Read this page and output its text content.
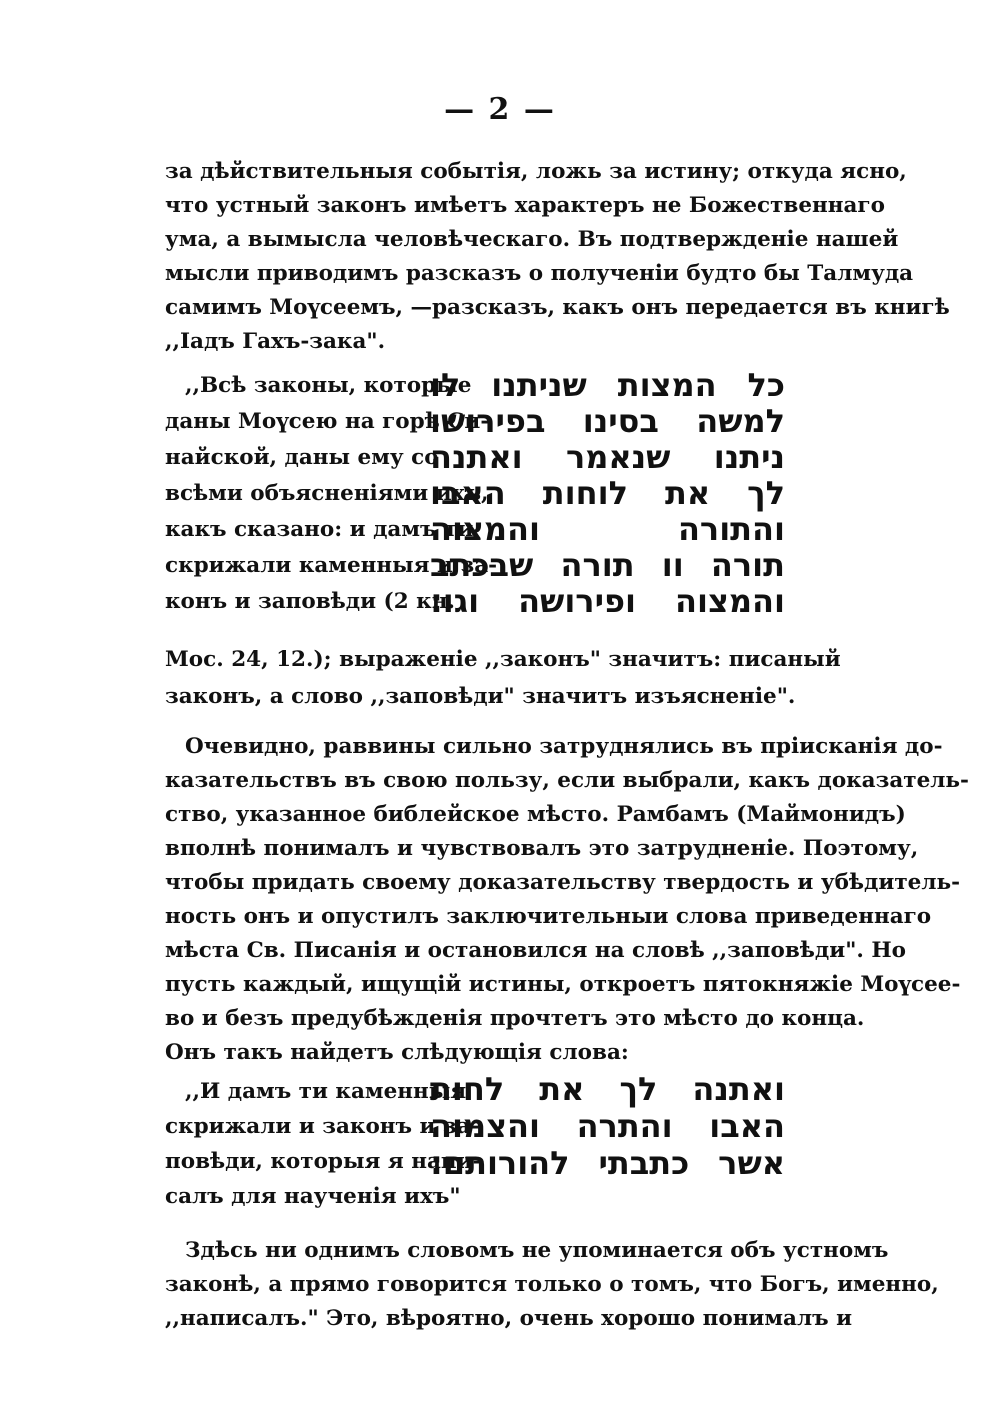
— 2 —
за дѣйствительныя событія, ложь за истину; откуда ясно,
что устный законъ имѣетъ характеръ не Божественнаго
ума, а вымысла человѣческаго. Въ подтвержденіе нашей
мысли приводимъ разсказъ о полученіи будто бы Талмуда
самимъ Моүсеемъ, —разсказъ, какъ онъ передается въ книгѣ
,,Іадъ Гахъ-зака".
,,Всѣ законы, которые
даны Моүсею на горѣ Си-
найской, даны ему со
всѣми объясненіями ихъ,
какъ сказано: и дамъ ти
скрижали каменныя и за-
конъ и заповѣди (2 кн.
כל המצות שניתנו לו
למשה בסינו בפירושו
ניתנו שנאמר ואתנה
לך את לוחות האבו
והתורה והמצוה
תורה וו תורה שבכתב
והמצוה ופירושה וגו:
Мос. 24, 12.); выраженіе ,,законъ" значитъ: писаный
законъ, а слово ,,заповѣди" значитъ изъясненіе".
Очевидно, раввины сильно затруднялись въ пріисканія до-
казательствъ въ свою пользу, если выбрали, какъ доказатель-
ство, указанное библейское мѣсто. Рамбамъ (Маймонидъ)
вполнѣ понималъ и чувствовалъ это затрудненіе. Поэтому,
чтобы придать своему доказательству твердость и убѣдитель-
ность онъ и опустилъ заключительныи слова приведеннаго
мѣста Св. Писанія и остановился на словѣ ,,заповѣди". Но
пусть каждый, ищущій истины, откроетъ пятокняжіе Моүсее-
во и безъ предубѣжденія прочтетъ это мѣсто до конца.
Онъ такъ найдетъ слѣдующія слова:
,,И дамъ ти каменныя
скрижали и законъ и за-
повѣди, которыя я напи-
салъ для наученія ихъ"
ואתנה לך את לחות
האבו והתרה והצמוה
אשר כתבתי להורותם:
Здѣсь ни однимъ словомъ не упоминается объ устномъ
законѣ, а прямо говорится только о томъ, что Богъ, именно,
,,написалъ." Это, вѣроятно, очень хорошо понималъ и
